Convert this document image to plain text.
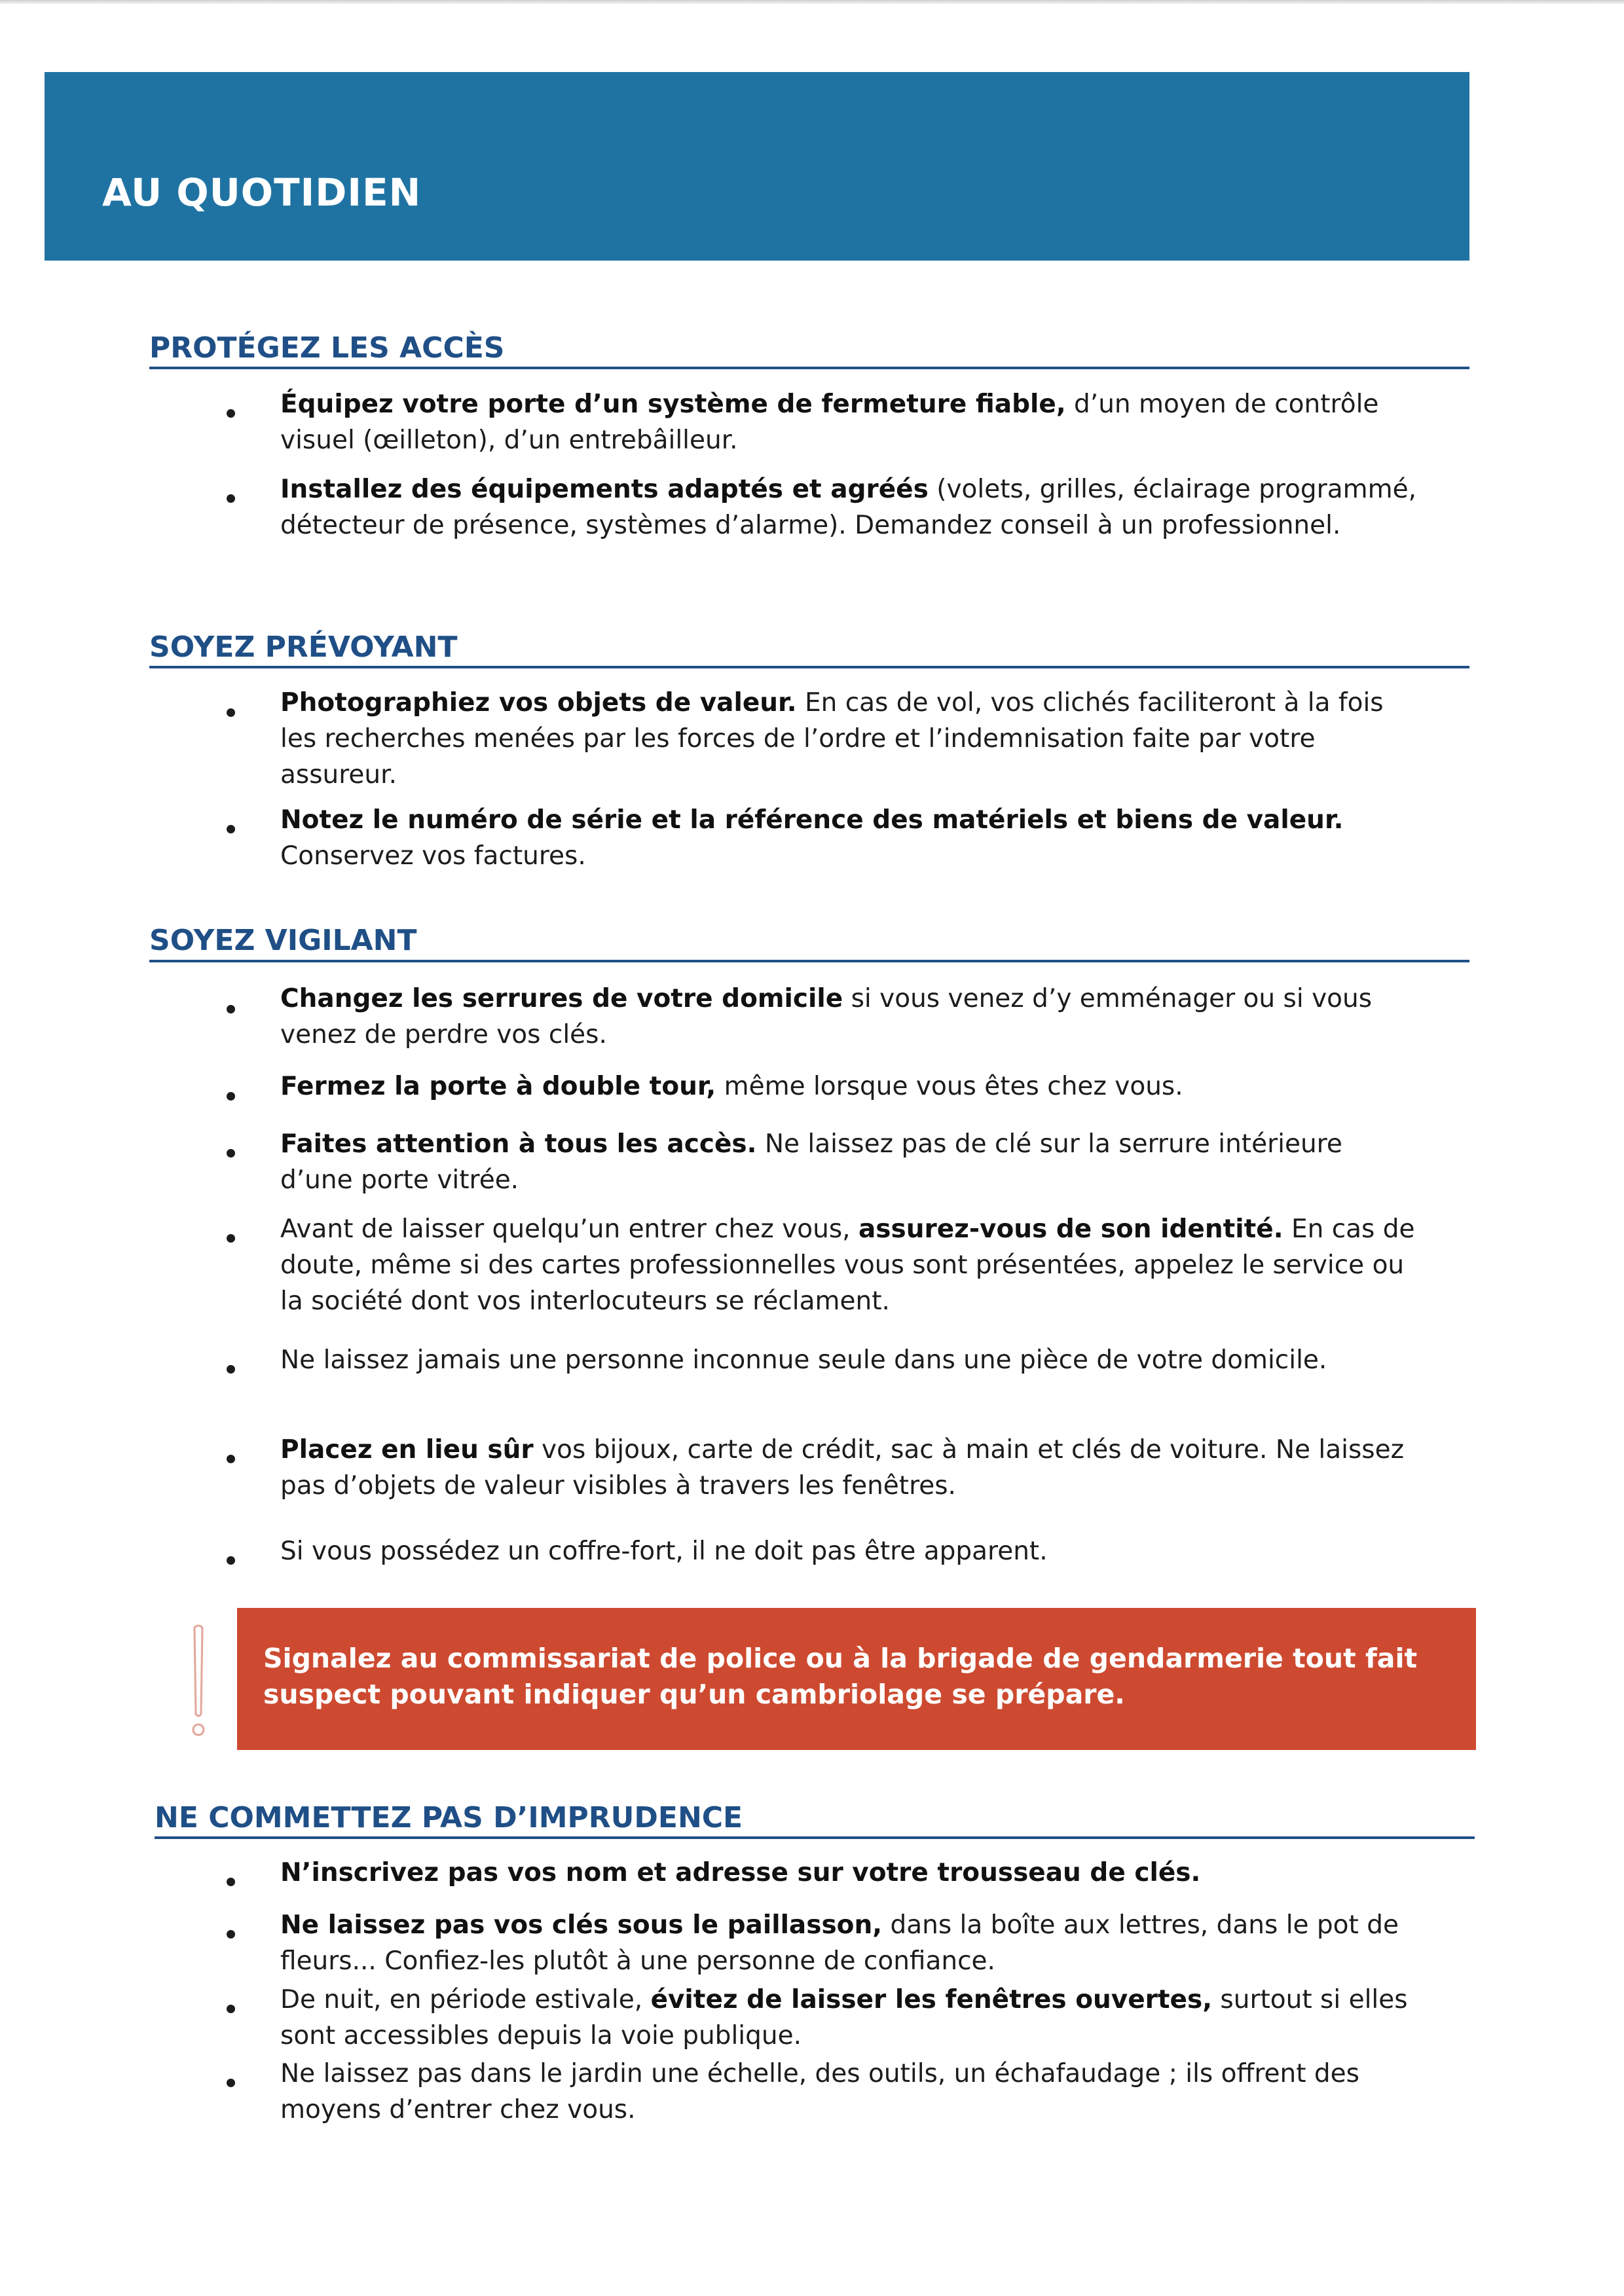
AU QUOTIDIEN
PROTÉGEZ LES ACCÈS
Équipez votre porte d’un système de fermeture fiable, d’un moyen de contrôle visuel (œilleton), d’un entrebâilleur.
Installez des équipements adaptés et agréés (volets, grilles, éclairage programmé, détecteur de présence, systèmes d’alarme). Demandez conseil à un professionnel.
SOYEZ PRÉVOYANT
Photographiez vos objets de valeur. En cas de vol, vos clichés faciliteront à la fois les recherches menées par les forces de l’ordre et l’indemnisation faite par votre assureur.
Notez le numéro de série et la référence des matériels et biens de valeur. Conservez vos factures.
SOYEZ VIGILANT
Changez les serrures de votre domicile si vous venez d’y emménager ou si vous venez de perdre vos clés.
Fermez la porte à double tour, même lorsque vous êtes chez vous.
Faites attention à tous les accès. Ne laissez pas de clé sur la serrure intérieure d’une porte vitrée.
Avant de laisser quelqu’un entrer chez vous, assurez-vous de son identité. En cas de doute, même si des cartes professionnelles vous sont présentées, appelez le service ou la société dont vos interlocuteurs se réclament.
Ne laissez jamais une personne inconnue seule dans une pièce de votre domicile.
Placez en lieu sûr vos bijoux, carte de crédit, sac à main et clés de voiture. Ne laissez pas d’objets de valeur visibles à travers les fenêtres.
Si vous possédez un coffre-fort, il ne doit pas être apparent.
Signalez au commissariat de police ou à la brigade de gendarmerie tout fait suspect pouvant indiquer qu’un cambriolage se prépare.
NE COMMETTEZ PAS D’IMPRUDENCE
N’inscrivez pas vos nom et adresse sur votre trousseau de clés.
Ne laissez pas vos clés sous le paillasson, dans la boîte aux lettres, dans le pot de fleurs... Confiez-les plutôt à une personne de confiance.
De nuit, en période estivale, évitez de laisser les fenêtres ouvertes, surtout si elles sont accessibles depuis la voie publique.
Ne laissez pas dans le jardin une échelle, des outils, un échafaudage ; ils offrent des moyens d’entrer chez vous.
